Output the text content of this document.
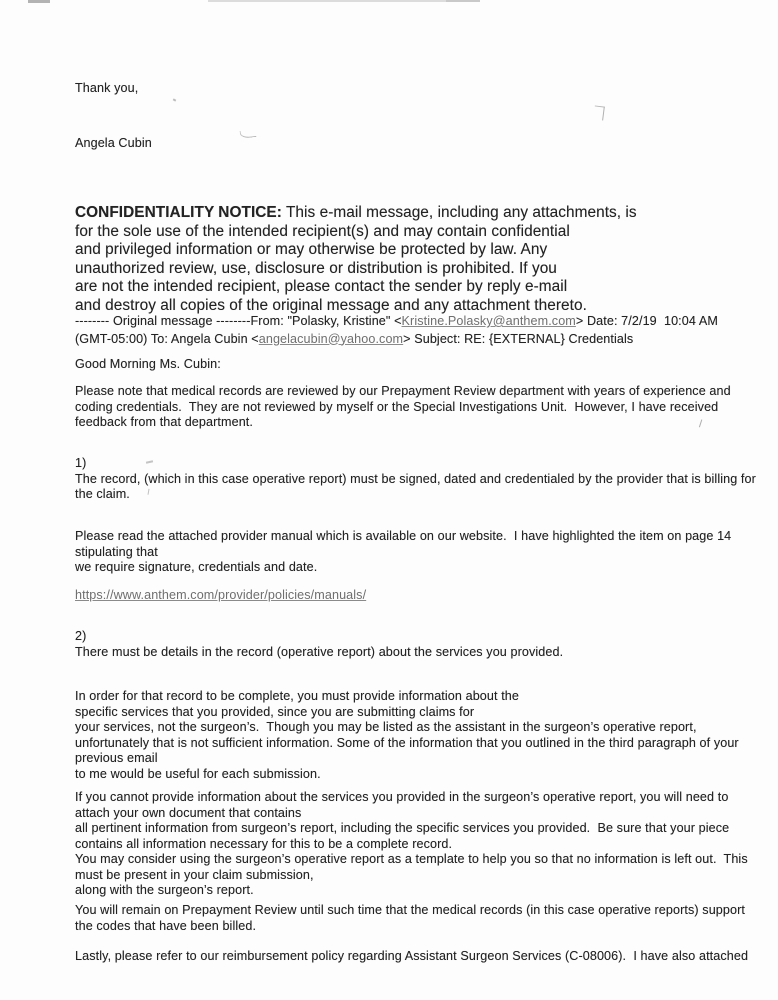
Thank you,
Angela Cubin
CONFIDENTIALITY NOTICE: This e-mail message, including any attachments, is
for the sole use of the intended recipient(s) and may contain confidential
and privileged information or may otherwise be protected by law. Any
unauthorized review, use, disclosure or distribution is prohibited. If you
are not the intended recipient, please contact the sender by reply e-mail
and destroy all copies of the original message and any attachment thereto.
-------- Original message --------From: "Polasky, Kristine" <Kristine.Polasky@anthem.com> Date: 7/2/19  10:04 AM
(GMT-05:00) To: Angela Cubin <angelacubin@yahoo.com> Subject: RE: {EXTERNAL} Credentials
Good Morning Ms. Cubin:
Please note that medical records are reviewed by our Prepayment Review department with years of experience and
coding credentials.  They are not reviewed by myself or the Special Investigations Unit.  However, I have received
feedback from that department.
1)
The record, (which in this case operative report) must be signed, dated and credentialed by the provider that is billing for
the claim.
Please read the attached provider manual which is available on our website.  I have highlighted the item on page 14
stipulating that
we require signature, credentials and date.
https://www.anthem.com/provider/policies/manuals/
2)
There must be details in the record (operative report) about the services you provided.
In order for that record to be complete, you must provide information about the
specific services that you provided, since you are submitting claims for
your services, not the surgeon’s.  Though you may be listed as the assistant in the surgeon’s operative report,
unfortunately that is not sufficient information. Some of the information that you outlined in the third paragraph of your
previous email
to me would be useful for each submission.
If you cannot provide information about the services you provided in the surgeon’s operative report, you will need to
attach your own document that contains
all pertinent information from surgeon’s report, including the specific services you provided.  Be sure that your piece
contains all information necessary for this to be a complete record.
You may consider using the surgeon’s operative report as a template to help you so that no information is left out.  This
must be present in your claim submission,
along with the surgeon’s report.
You will remain on Prepayment Review until such time that the medical records (in this case operative reports) support
the codes that have been billed.
Lastly, please refer to our reimbursement policy regarding Assistant Surgeon Services (C-08006).  I have also attached
